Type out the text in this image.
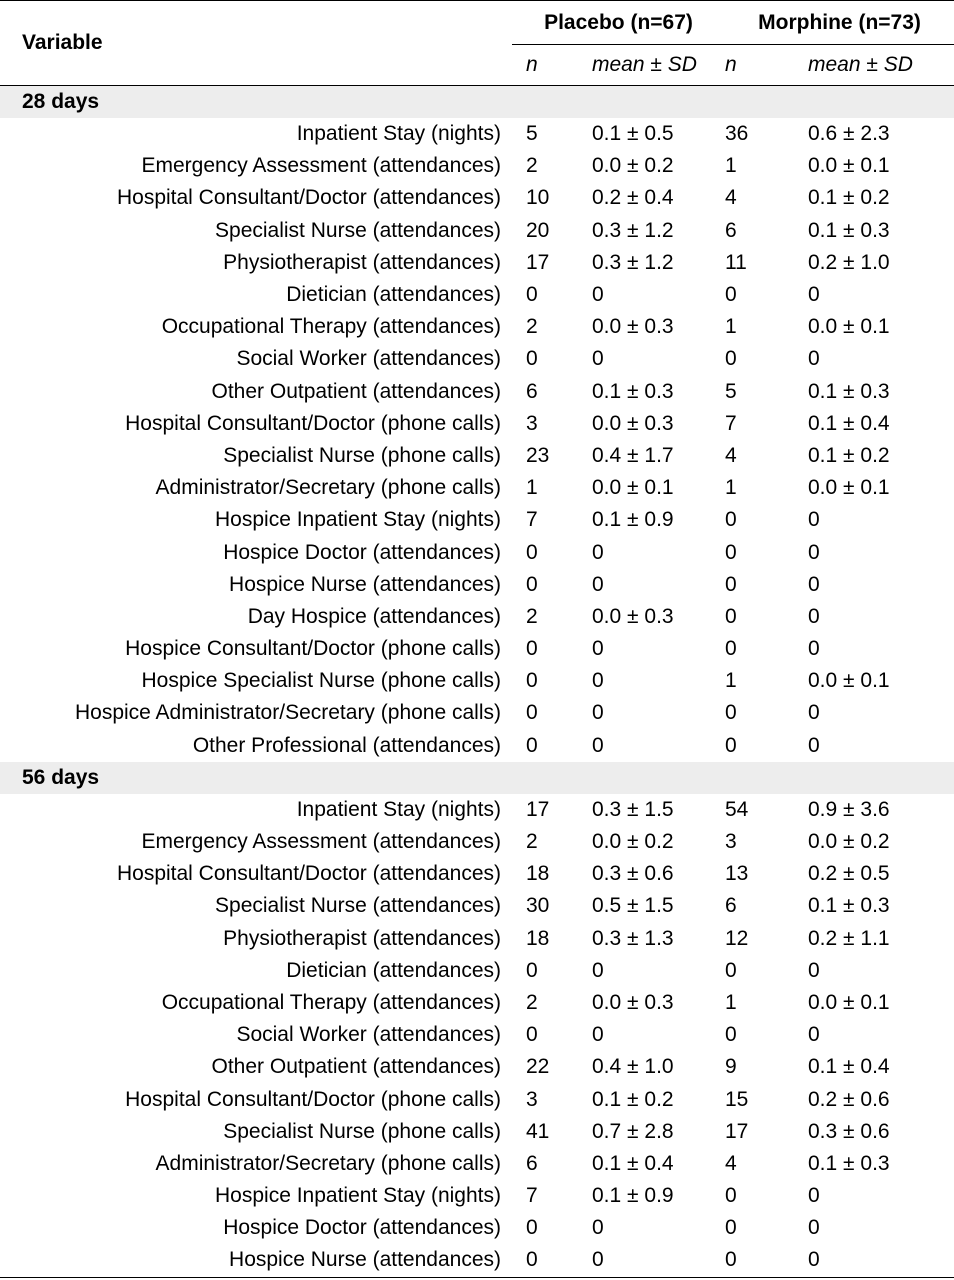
Variable	Placebo (n=67)		Morphine (n=73)	
	n	mean ± SD	n	mean ± SD
28 days				
Inpatient Stay (nights)	5	0.1 ± 0.5	36	0.6 ± 2.3
Emergency Assessment (attendances)	2	0.0 ± 0.2	1	0.0 ± 0.1
Hospital Consultant/Doctor (attendances)	10	0.2 ± 0.4	4	0.1 ± 0.2
Specialist Nurse (attendances)	20	0.3 ± 1.2	6	0.1 ± 0.3
Physiotherapist (attendances)	17	0.3 ± 1.2	11	0.2 ± 1.0
Dietician (attendances)	0	0	0	0
Occupational Therapy (attendances)	2	0.0 ± 0.3	1	0.0 ± 0.1
Social Worker (attendances)	0	0	0	0
Other Outpatient (attendances)	6	0.1 ± 0.3	5	0.1 ± 0.3
Hospital Consultant/Doctor (phone calls)	3	0.0 ± 0.3	7	0.1 ± 0.4
Specialist Nurse (phone calls)	23	0.4 ± 1.7	4	0.1 ± 0.2
Administrator/Secretary (phone calls)	1	0.0 ± 0.1	1	0.0 ± 0.1
Hospice Inpatient Stay (nights)	7	0.1 ± 0.9	0	0
Hospice Doctor (attendances)	0	0	0	0
Hospice Nurse (attendances)	0	0	0	0
Day Hospice (attendances)	2	0.0 ± 0.3	0	0
Hospice Consultant/Doctor (phone calls)	0	0	0	0
Hospice Specialist Nurse (phone calls)	0	0	1	0.0 ± 0.1
Hospice Administrator/Secretary (phone calls)	0	0	0	0
Other Professional (attendances)	0	0	0	0
56 days				
Inpatient Stay (nights)	17	0.3 ± 1.5	54	0.9 ± 3.6
Emergency Assessment (attendances)	2	0.0 ± 0.2	3	0.0 ± 0.2
Hospital Consultant/Doctor (attendances)	18	0.3 ± 0.6	13	0.2 ± 0.5
Specialist Nurse (attendances)	30	0.5 ± 1.5	6	0.1 ± 0.3
Physiotherapist (attendances)	18	0.3 ± 1.3	12	0.2 ± 1.1
Dietician (attendances)	0	0	0	0
Occupational Therapy (attendances)	2	0.0 ± 0.3	1	0.0 ± 0.1
Social Worker (attendances)	0	0	0	0
Other Outpatient (attendances)	22	0.4 ± 1.0	9	0.1 ± 0.4
Hospital Consultant/Doctor (phone calls)	3	0.1 ± 0.2	15	0.2 ± 0.6
Specialist Nurse (phone calls)	41	0.7 ± 2.8	17	0.3 ± 0.6
Administrator/Secretary (phone calls)	6	0.1 ± 0.4	4	0.1 ± 0.3
Hospice Inpatient Stay (nights)	7	0.1 ± 0.9	0	0
Hospice Doctor (attendances)	0	0	0	0
Hospice Nurse (attendances)	0	0	0	0
